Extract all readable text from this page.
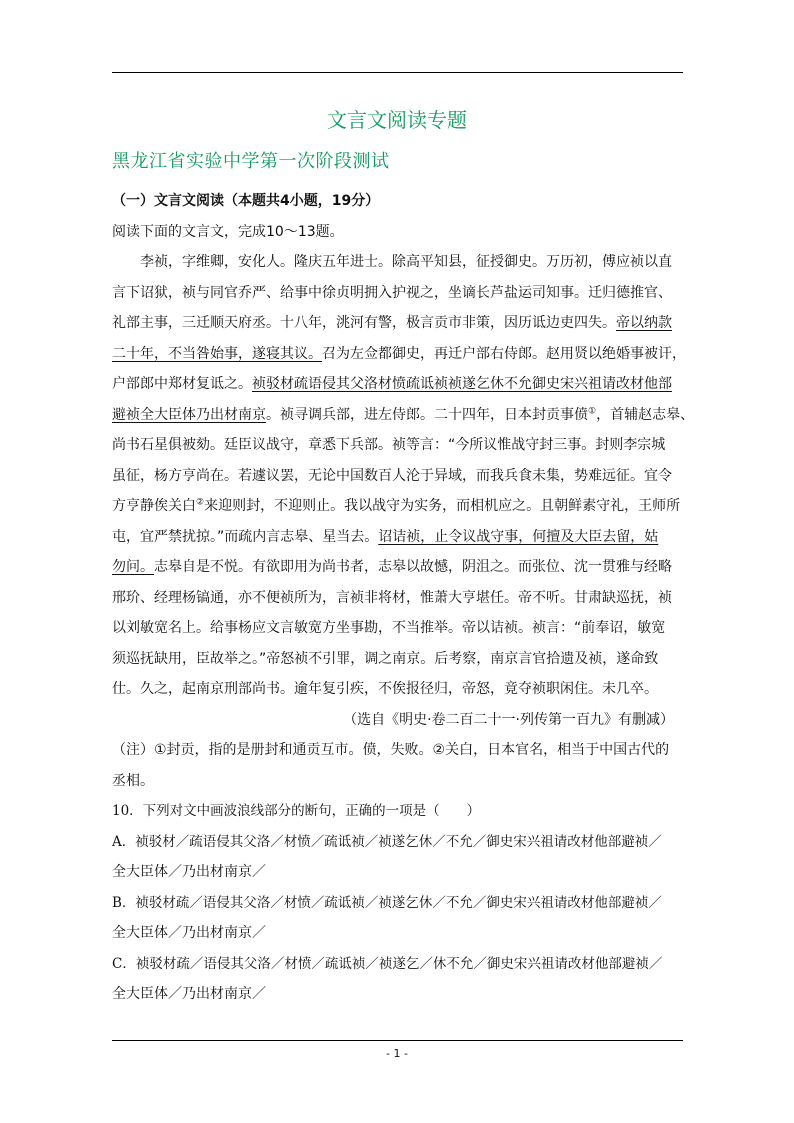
文言文阅读专题
黑龙江省实验中学第一次阶段测试
（一）文言文阅读（本题共4小题，19分）
阅读下面的文言文，完成10～13题。
李祯，字维卿，安化人。隆庆五年进士。除高平知县，征授御史。万历初，傅应祯以直
言下诏狱，祯与同官乔严、给事中徐贞明拥入护视之，坐谪长芦盐运司知事。迁归德推官、
礼部主事，三迁顺天府丞。十八年，洮河有警，极言贡市非策，因历诋边吏四失。帝以纳款
二十年，不当咎始事，遂寝其议。召为左佥都御史，再迁户部右侍郎。赵用贤以绝婚事被讦，
户部郎中郑材复诋之。祯驳材疏语侵其父洛材愤疏诋祯祯遂乞休不允御史宋兴祖请改材他部
避祯全大臣体乃出材南京。祯寻调兵部，进左侍郎。二十四年，日本封贡事偾①，首辅赵志皋、
尚书石星俱被劾。廷臣议战守，章悉下兵部。祯等言：“今所议惟战守封三事。封则李宗城
虽征，杨方亨尚在。若遽议罢，无论中国数百人沦于异域，而我兵食未集，势难远征。宜令
方亨静俟关白②来迎则封，不迎则止。我以战守为实务，而相机应之。且朝鲜素守礼，王师所
屯，宜严禁扰掠。”而疏内言志皋、星当去。诏诘祯，止令议战守事，何擅及大臣去留，姑
勿问。志皋自是不悦。有欲即用为尚书者，志皋以故憾，阴沮之。而张位、沈一贯雅与经略
邢玠、经理杨镐通，亦不便祯所为，言祯非将材，惟萧大亨堪任。帝不听。甘肃缺巡抚，祯
以刘敏宽名上。给事杨应文言敏宽方坐事勘，不当推举。帝以诘祯。祯言：“前奉诏，敏宽
须巡抚缺用，臣故举之。”帝怒祯不引罪，调之南京。后考察，南京言官拾遗及祯，遂命致
仕。久之，起南京刑部尚书。逾年复引疾，不俟报径归，帝怒，竟夺祯职闲住。未几卒。
（选自《明史·卷二百二十一·列传第一百九》有删减）
（注）①封贡，指的是册封和通贡互市。偾，失败。②关白，日本官名，相当于中国古代的
丞相。
10．下列对文中画波浪线部分的断句，正确的一项是（　　）
A．祯驳材／疏语侵其父洛／材愤／疏诋祯／祯遂乞休／不允／御史宋兴祖请改材他部避祯／
全大臣体／乃出材南京／
B．祯驳材疏／语侵其父洛／材愤／疏诋祯／祯遂乞休／不允／御史宋兴祖请改材他部避祯／
全大臣体／乃出材南京／
C．祯驳材疏／语侵其父洛／材愤／疏诋祯／祯遂乞／休不允／御史宋兴祖请改材他部避祯／
全大臣体／乃出材南京／
- 1 -
